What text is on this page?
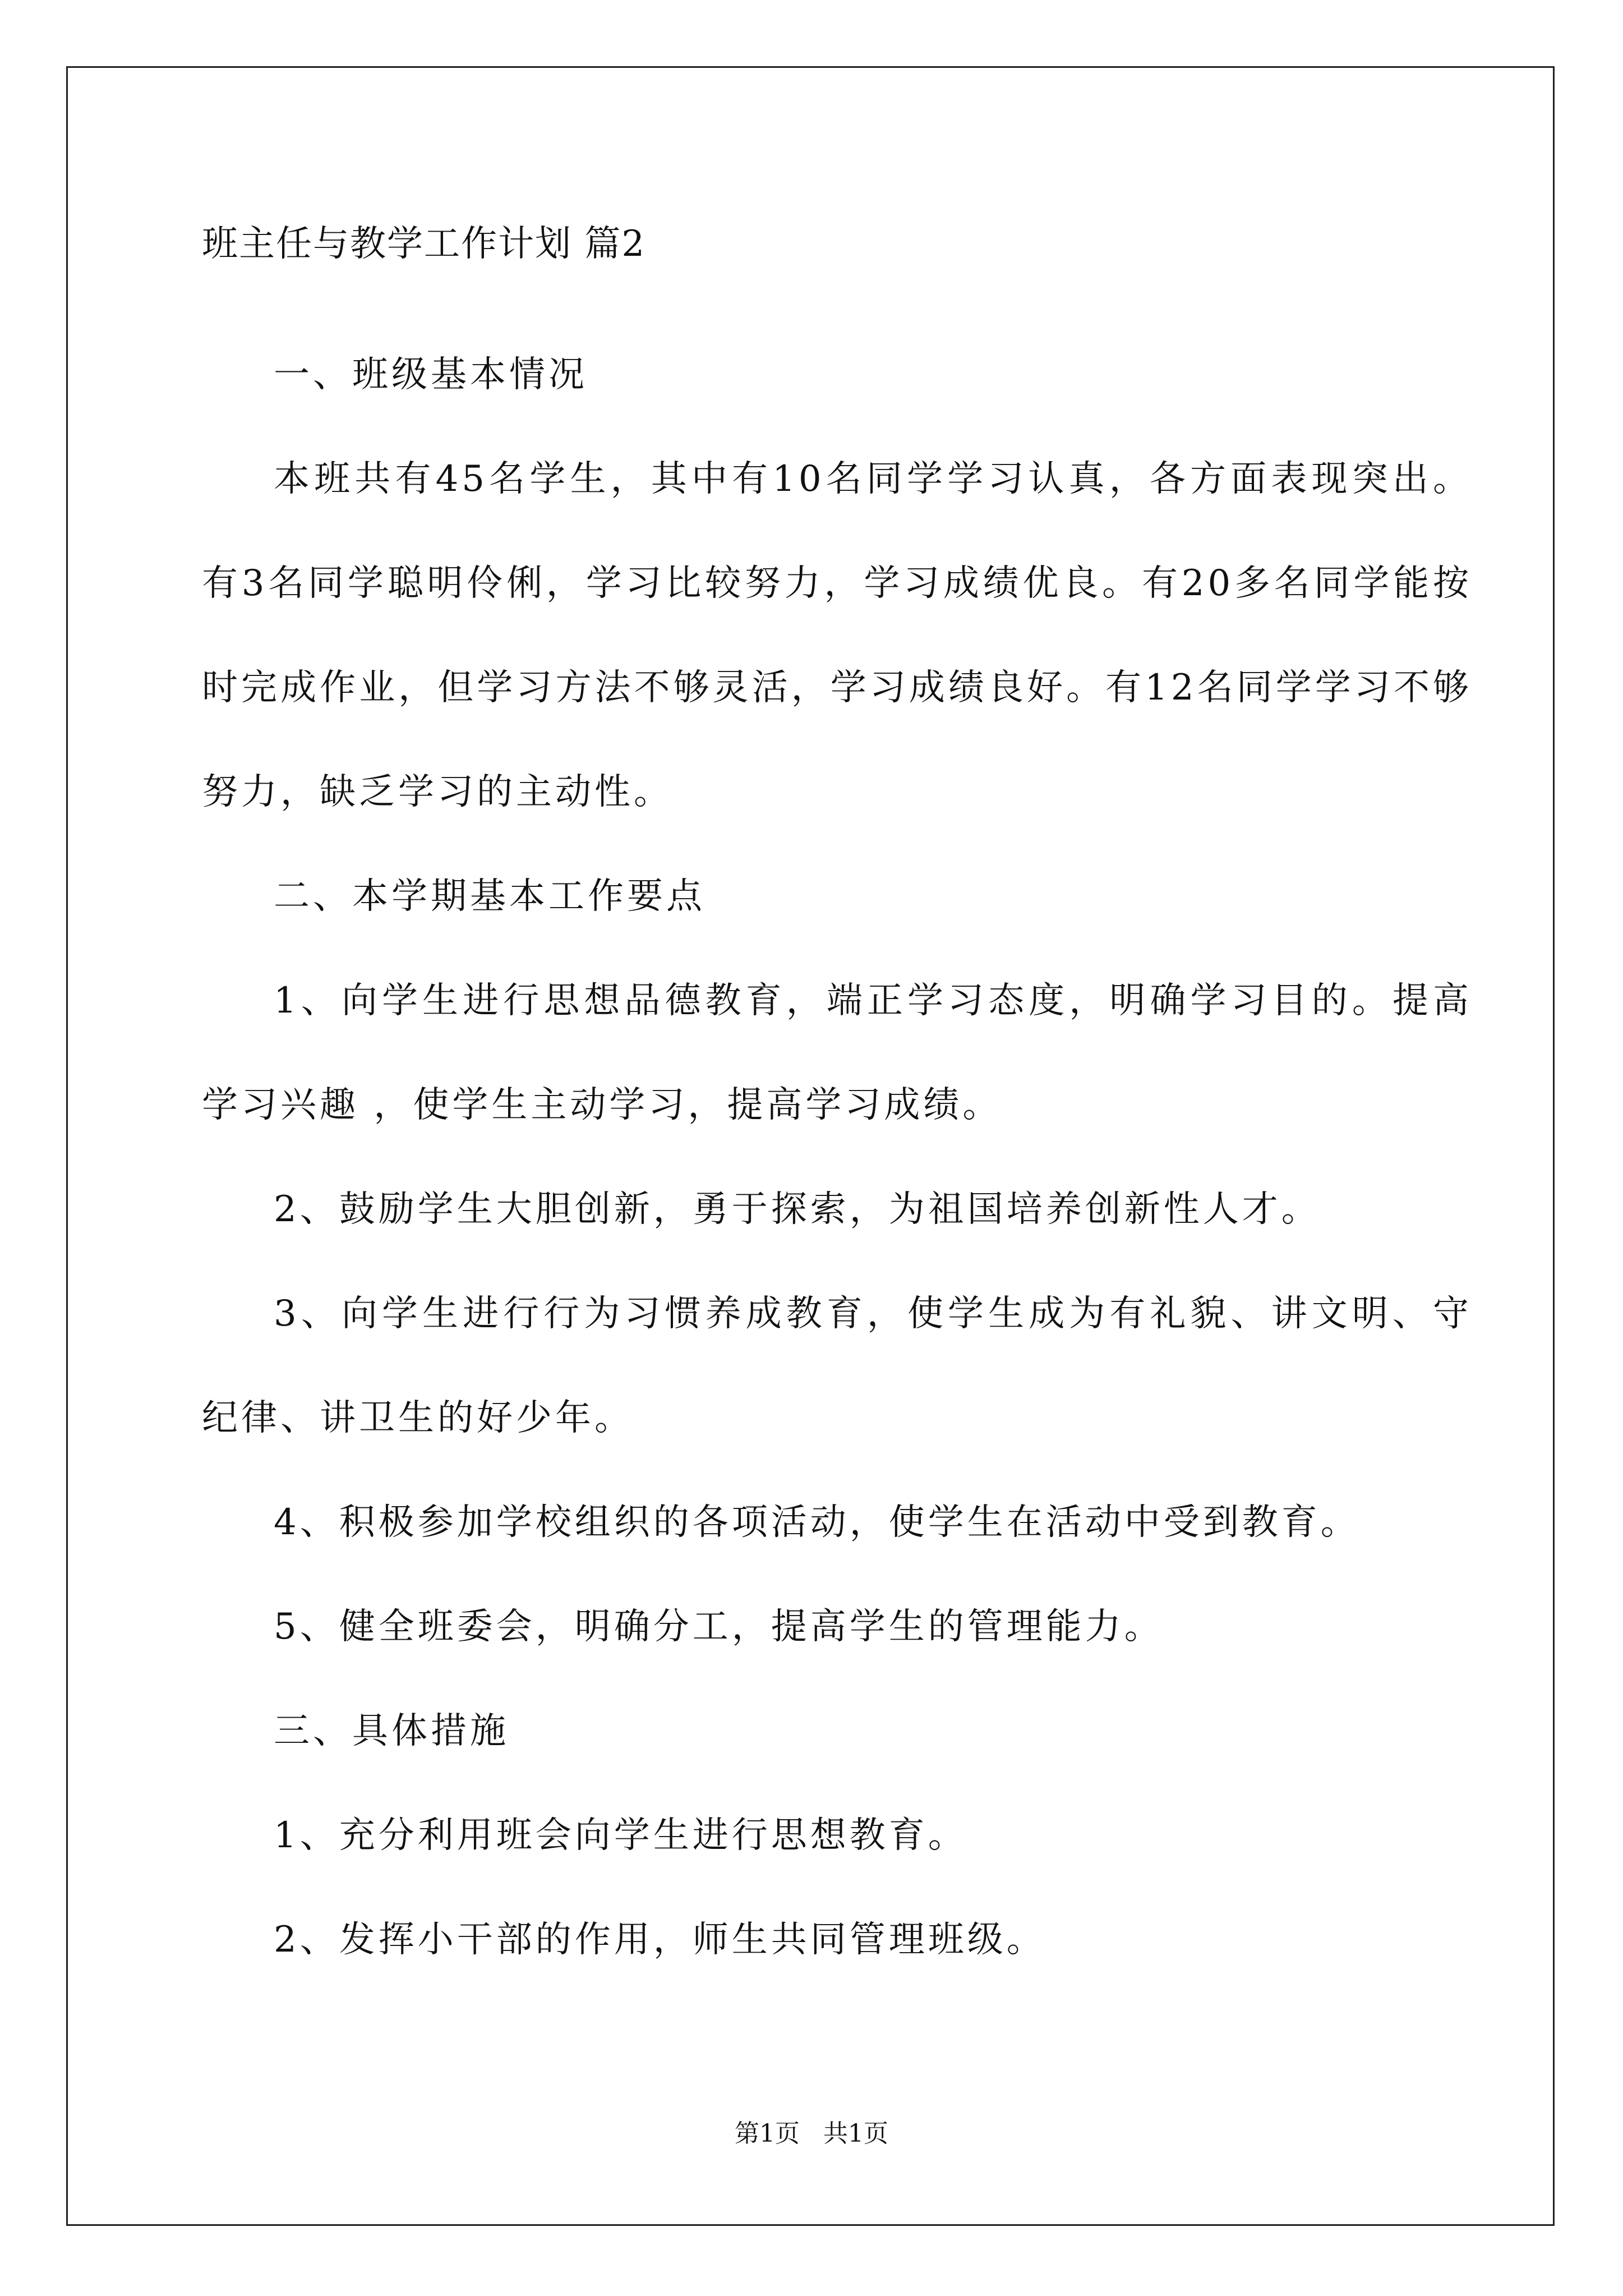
班主任与教学工作计划 篇2

一、班级基本情况

本班共有45名学生，其中有10名同学学习认真，各方面表现突出。有3名同学聪明伶俐，学习比较努力，学习成绩优良。有20多名同学能按时完成作业，但学习方法不够灵活，学习成绩良好。有12名同学学习不够努力，缺乏学习的主动性。

二、本学期基本工作要点

1、向学生进行思想品德教育，端正学习态度，明确学习目的。提高学习兴趣 ，使学生主动学习，提高学习成绩。

2、鼓励学生大胆创新，勇于探索，为祖国培养创新性人才。

3、向学生进行行为习惯养成教育，使学生成为有礼貌、讲文明、守纪律、讲卫生的好少年。

4、积极参加学校组织的各项活动，使学生在活动中受到教育。

5、健全班委会，明确分工，提高学生的管理能力。

三、具体措施

1、充分利用班会向学生进行思想教育。

2、发挥小干部的作用，师生共同管理班级。

第1页   共1页
